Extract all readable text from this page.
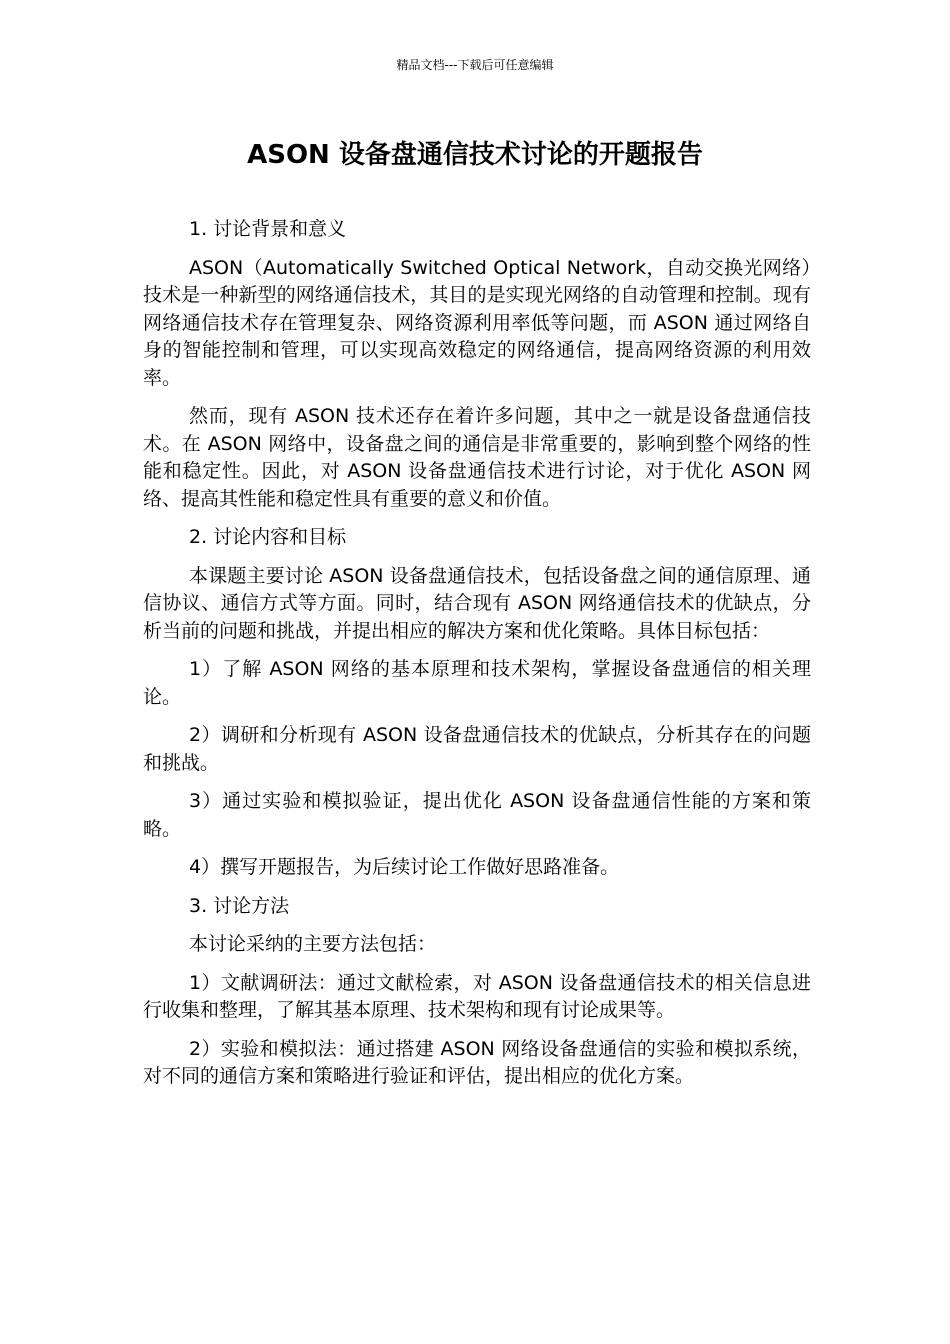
精品文档---下载后可任意编辑
ASON 设备盘通信技术讨论的开题报告

1. 讨论背景和意义

ASON（Automatically Switched Optical Network，自动交换光网络）技术是一种新型的网络通信技术，其目的是实现光网络的自动管理和控制。现有网络通信技术存在管理复杂、网络资源利用率低等问题，而 ASON 通过网络自身的智能控制和管理，可以实现高效稳定的网络通信，提高网络资源的利用效率。

然而，现有 ASON 技术还存在着许多问题，其中之一就是设备盘通信技术。在 ASON 网络中，设备盘之间的通信是非常重要的，影响到整个网络的性能和稳定性。因此，对 ASON 设备盘通信技术进行讨论，对于优化 ASON 网络、提高其性能和稳定性具有重要的意义和价值。

2. 讨论内容和目标

本课题主要讨论 ASON 设备盘通信技术，包括设备盘之间的通信原理、通信协议、通信方式等方面。同时，结合现有 ASON 网络通信技术的优缺点，分析当前的问题和挑战，并提出相应的解决方案和优化策略。具体目标包括：

1）了解 ASON 网络的基本原理和技术架构，掌握设备盘通信的相关理论。

2）调研和分析现有 ASON 设备盘通信技术的优缺点，分析其存在的问题和挑战。

3）通过实验和模拟验证，提出优化 ASON 设备盘通信性能的方案和策略。

4）撰写开题报告，为后续讨论工作做好思路准备。

3. 讨论方法

本讨论采纳的主要方法包括：

1）文献调研法：通过文献检索，对 ASON 设备盘通信技术的相关信息进行收集和整理，了解其基本原理、技术架构和现有讨论成果等。

2）实验和模拟法：通过搭建 ASON 网络设备盘通信的实验和模拟系统，对不同的通信方案和策略进行验证和评估，提出相应的优化方案。
